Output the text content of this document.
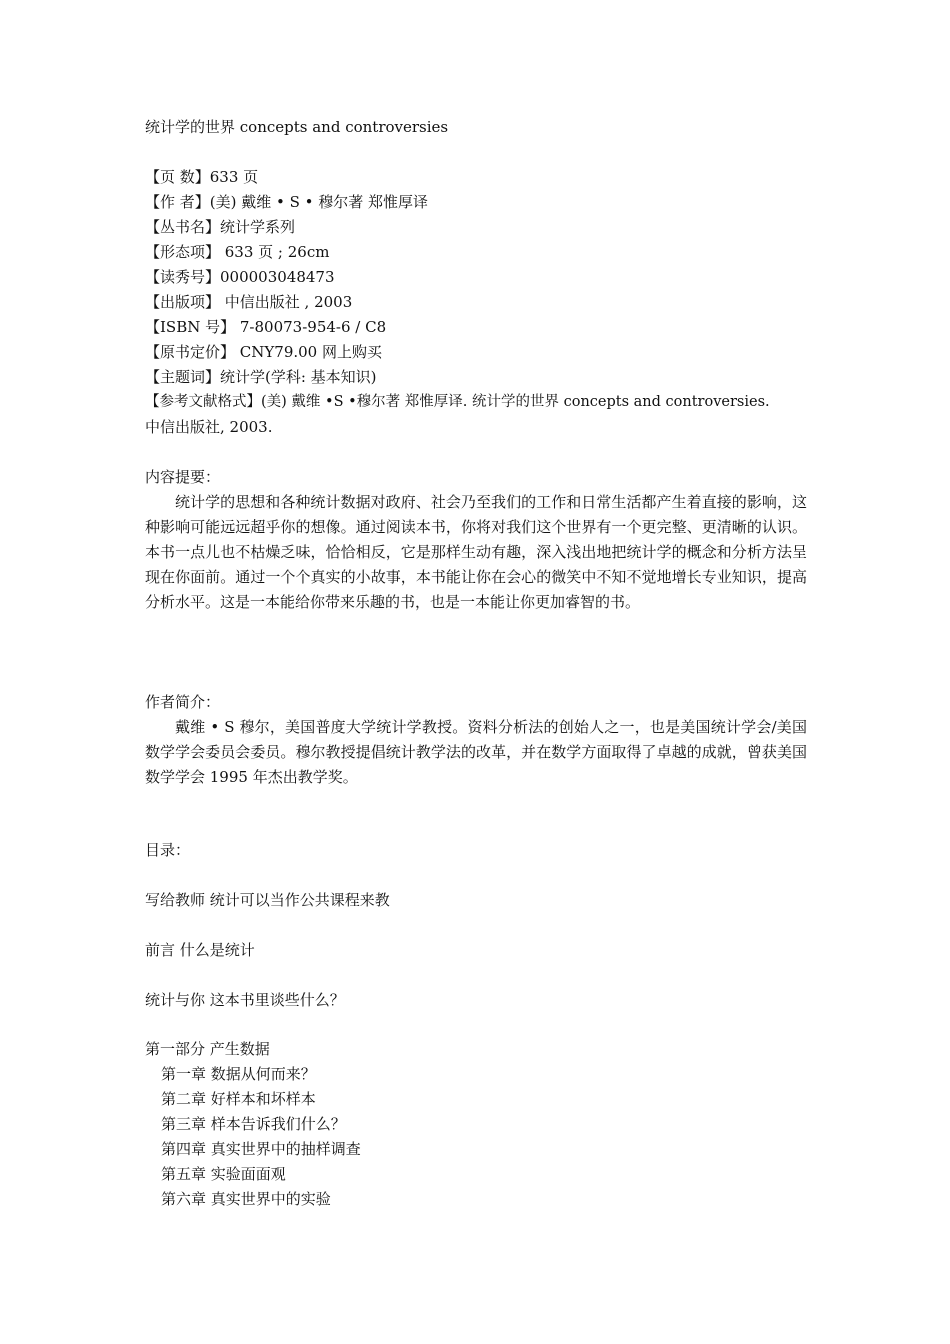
统计学的世界 concepts and controversies
【页 数】633 页
【作 者】(美) 戴维 • S • 穆尔著 郑惟厚译
【丛书名】统计学系列
【形态项】 633 页 ; 26cm
【读秀号】000003048473
【出版项】 中信出版社 , 2003
【ISBN 号】 7-80073-954-6 / C8
【原书定价】 CNY79.00 网上购买
【主题词】统计学(学科: 基本知识)
【参考文献格式】(美) 戴维 •S •穆尔著 郑惟厚译. 统计学的世界 concepts and controversies.
中信出版社, 2003.
内容提要：
统计学的思想和各种统计数据对政府、社会乃至我们的工作和日常生活都产生着直接的影响，这种影响可能远远超乎你的想像。通过阅读本书，你将对我们这个世界有一个更完整、更清晰的认识。 本书一点儿也不枯燥乏味，恰恰相反，它是那样生动有趣，深入浅出地把统计学的概念和分析方法呈现在你面前。通过一个个真实的小故事，本书能让你在会心的微笑中不知不觉地增长专业知识，提高分析水平。这是一本能给你带来乐趣的书，也是一本能让你更加睿智的书。
作者简介：
戴维 • S 穆尔，美国普度大学统计学教授。资料分析法的创始人之一，也是美国统计学会/美国数学学会委员会委员。穆尔教授提倡统计教学法的改革，并在数学方面取得了卓越的成就，曾获美国数学学会 1995 年杰出教学奖。
目录：
写给教师 统计可以当作公共课程来教
前言 什么是统计
统计与你 这本书里谈些什么？
第一部分 产生数据
第一章 数据从何而来？
第二章 好样本和坏样本
第三章 样本告诉我们什么？
第四章 真实世界中的抽样调查
第五章 实验面面观
第六章 真实世界中的实验
